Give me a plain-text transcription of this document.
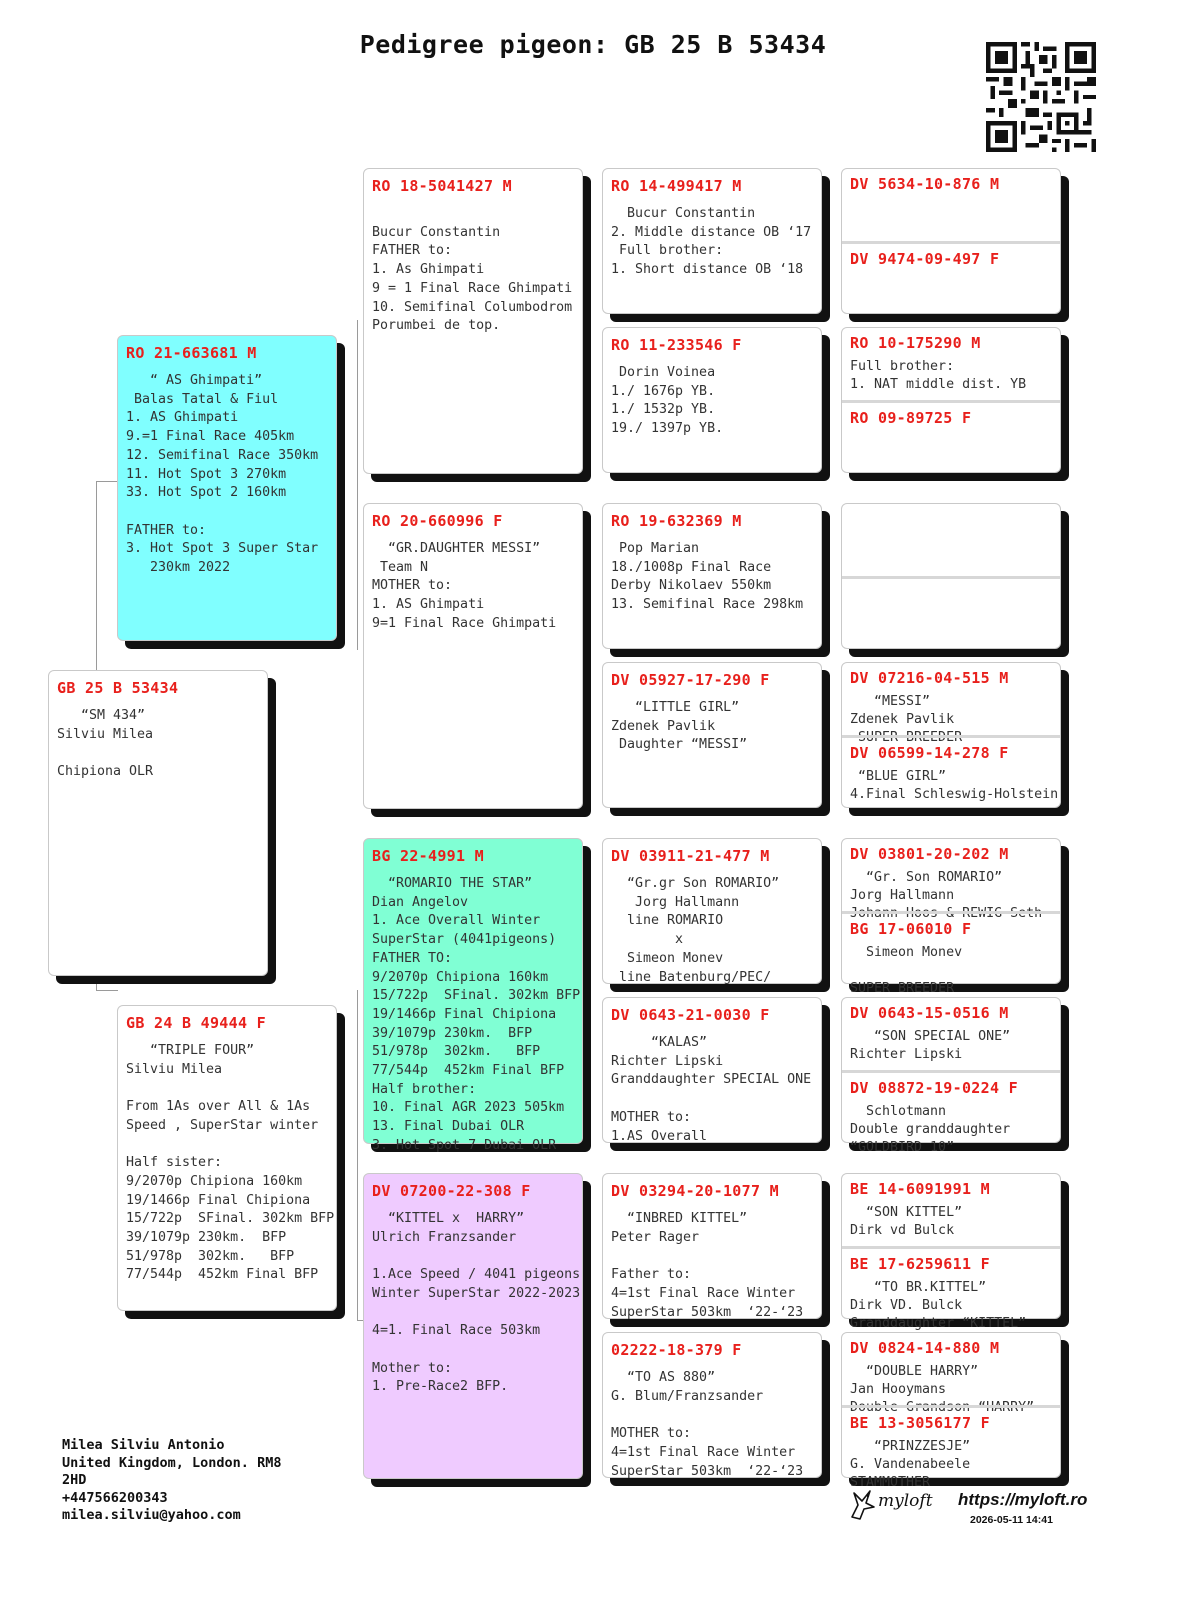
Pedigree pigeon: GB 25 B 53434
GB 25 B 53434
“SM 434”
Silviu Milea

Chipiona OLR
RO 21-663681 M
“ AS Ghimpati”
Balas Tatal & Fiul
1. AS Ghimpati
9.=1 Final Race 405km
12. Semifinal Race 350km
11. Hot Spot 3 270km
33. Hot Spot 2 160km

FATHER to:
3. Hot Spot 3 Super Star
230km 2022
GB 24 B 49444 F
“TRIPLE FOUR”
Silviu Milea

From 1As over All & 1As
Speed , SuperStar winter

Half sister:
9/2070p Chipiona 160km
19/1466p Final Chipiona
15/722p  SFinal. 302km BFP
39/1079p 230km.  BFP
51/978p  302km.   BFP
77/544p  452km Final BFP
RO 18-5041427 M

Bucur Constantin
FATHER to:
1. As Ghimpati
9 = 1 Final Race Ghimpati
10. Semifinal Columbodrom
Porumbei de top.
RO 20-660996 F
“GR.DAUGHTER MESSI”
Team N
MOTHER to:
1. AS Ghimpati
9=1 Final Race Ghimpati
BG 22-4991 M
“ROMARIO THE STAR”
Dian Angelov
1. Ace Overall Winter
SuperStar (4041pigeons)
FATHER TO:
9/2070p Chipiona 160km
15/722p  SFinal. 302km BFP
19/1466p Final Chipiona
39/1079p 230km.  BFP
51/978p  302km.   BFP
77/544p  452km Final BFP
Half brother:
10. Final AGR 2023 505km
13. Final Dubai OLR
3. Hot Spot 7 Dubai OLR
DV 07200-22-308 F
“KITTEL x  HARRY”
Ulrich Franzsander

1.Ace Speed / 4041 pigeons
Winter SuperStar 2022-2023

4=1. Final Race 503km

Mother to:
1. Pre-Race2 BFP.
RO 14-499417 M
Bucur Constantin
2. Middle distance OB ‘17
Full brother:
1. Short distance OB ‘18
RO 11-233546 F
Dorin Voinea
1./ 1676p YB.
1./ 1532p YB.
19./ 1397p YB.
RO 19-632369 M
Pop Marian
18./1008p Final Race
Derby Nikolaev 550km
13. Semifinal Race 298km
DV 05927-17-290 F
“LITTLE GIRL”
Zdenek Pavlik
Daughter “MESSI”
DV 03911-21-477 M
“Gr.gr Son ROMARIO”
Jorg Hallmann
line ROMARIO
x
Simeon Monev
line Batenburg/PEC/
DV 0643-21-0030 F
“KALAS”
Richter Lipski
Granddaughter SPECIAL ONE

MOTHER to:
1.AS Overall
DV 03294-20-1077 M
“INBRED KITTEL”
Peter Rager

Father to:
4=1st Final Race Winter
SuperStar 503km  ‘22-‘23
02222-18-379 F
“TO AS 880”
G. Blum/Franzsander

MOTHER to:
4=1st Final Race Winter
SuperStar 503km  ‘22-‘23
DV 5634-10-876 M
DV 9474-09-497 F
RO 10-175290 M
Full brother:
1. NAT middle dist. YB
RO 09-89725 F
DV 07216-04-515 M
“MESSI”
Zdenek Pavlik
SUPER BREEDER
DV 06599-14-278 F
“BLUE GIRL”
4.Final Schleswig-Holstein
DV 03801-20-202 M
“Gr. Son ROMARIO”
Jorg Hallmann
Johann Hoos & REWIG Seth
BG 17-06010 F
Simeon Monev

SUPER BREEDER
DV 0643-15-0516 M
“SON SPECIAL ONE”
Richter Lipski
DV 08872-19-0224 F
Schlotmann
Double granddaughter
“GOLDBIRD 10”
BE 14-6091991 M
“SON KITTEL”
Dirk vd Bulck
BE 17-6259611 F
“TO BR.KITTEL”
Dirk VD. Bulck
Granddaughter “KITTEL”
DV 0824-14-880 M
“DOUBLE HARRY”
Jan Hooymans
Double Grandson “HARRY”
BE 13-3056177 F
“PRINZZESJE”
G. Vandenabeele
STAMMOTHER
Milea Silviu Antonio
United Kingdom, London. RM8
2HD
+447566200343
milea.silviu@yahoo.com
myloft https://myloft.ro
2026-05-11 14:41
